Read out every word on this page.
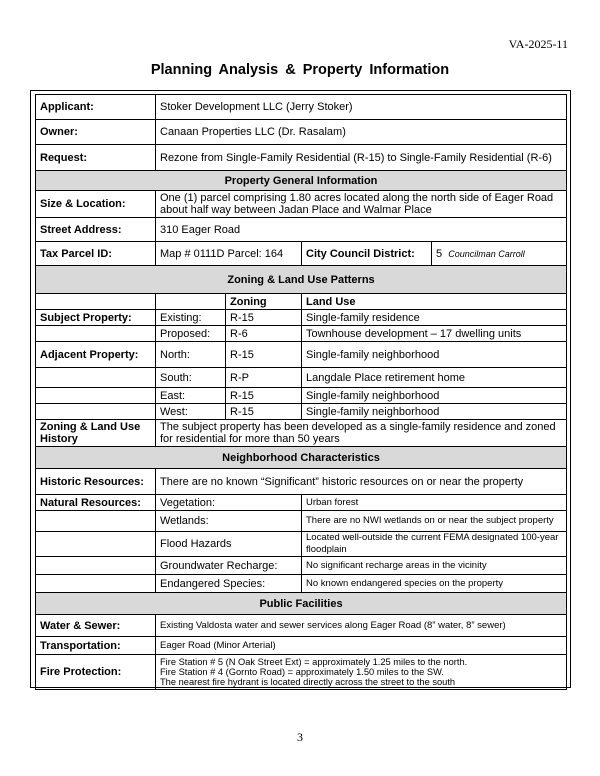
VA-2025-11
Planning Analysis & Property Information
Applicant:	Stoker Development LLC (Jerry Stoker)			
Owner:	Canaan Properties LLC (Dr. Rasalam)			
Request:	Rezone from Single-Family Residential (R-15) to Single-Family Residential (R-6)			
Property General Information				
Size & Location:	One (1) parcel comprising 1.80 acres located along the north side of Eager Road about half way between Jadan Place and Walmar Place			
Street Address:	310 Eager Road			
Tax Parcel ID:	Map # 0111D Parcel: 164		City Council District:	5 Councilman Carroll
Zoning & Land Use Patterns				
		Zoning	Land Use	
Subject Property:	Existing:	R-15	Single-family residence	
	Proposed:	R-6	Townhouse development – 17 dwelling units	
Adjacent Property:	North:	R-15	Single-family neighborhood	
	South:	R-P	Langdale Place retirement home	
	East:	R-15	Single-family neighborhood	
	West:	R-15	Single-family neighborhood	
Zoning & Land Use History	The subject property has been developed as a single-family residence and zoned for residential for more than 50 years			
Neighborhood Characteristics				
Historic Resources:	There are no known “Significant” historic resources on or near the property			
Natural Resources:	Vegetation:		Urban forest	
	Wetlands:		There are no NWI wetlands on or near the subject property	
	Flood Hazards		Located well-outside the current FEMA designated 100-year floodplain	
	Groundwater Recharge:		No significant recharge areas in the vicinity	
	Endangered Species:		No known endangered species on the property	
Public Facilities				
Water & Sewer:	Existing Valdosta water and sewer services along Eager Road (8” water, 8” sewer)			
Transportation:	Eager Road (Minor Arterial)			
Fire Protection:	Fire Station # 5 (N Oak Street Ext) = approximately 1.25 miles to the north.
Fire Station # 4 (Gornto Road) = approximately 1.50 miles to the SW.
The nearest fire hydrant is located directly across the street to the south			
3
